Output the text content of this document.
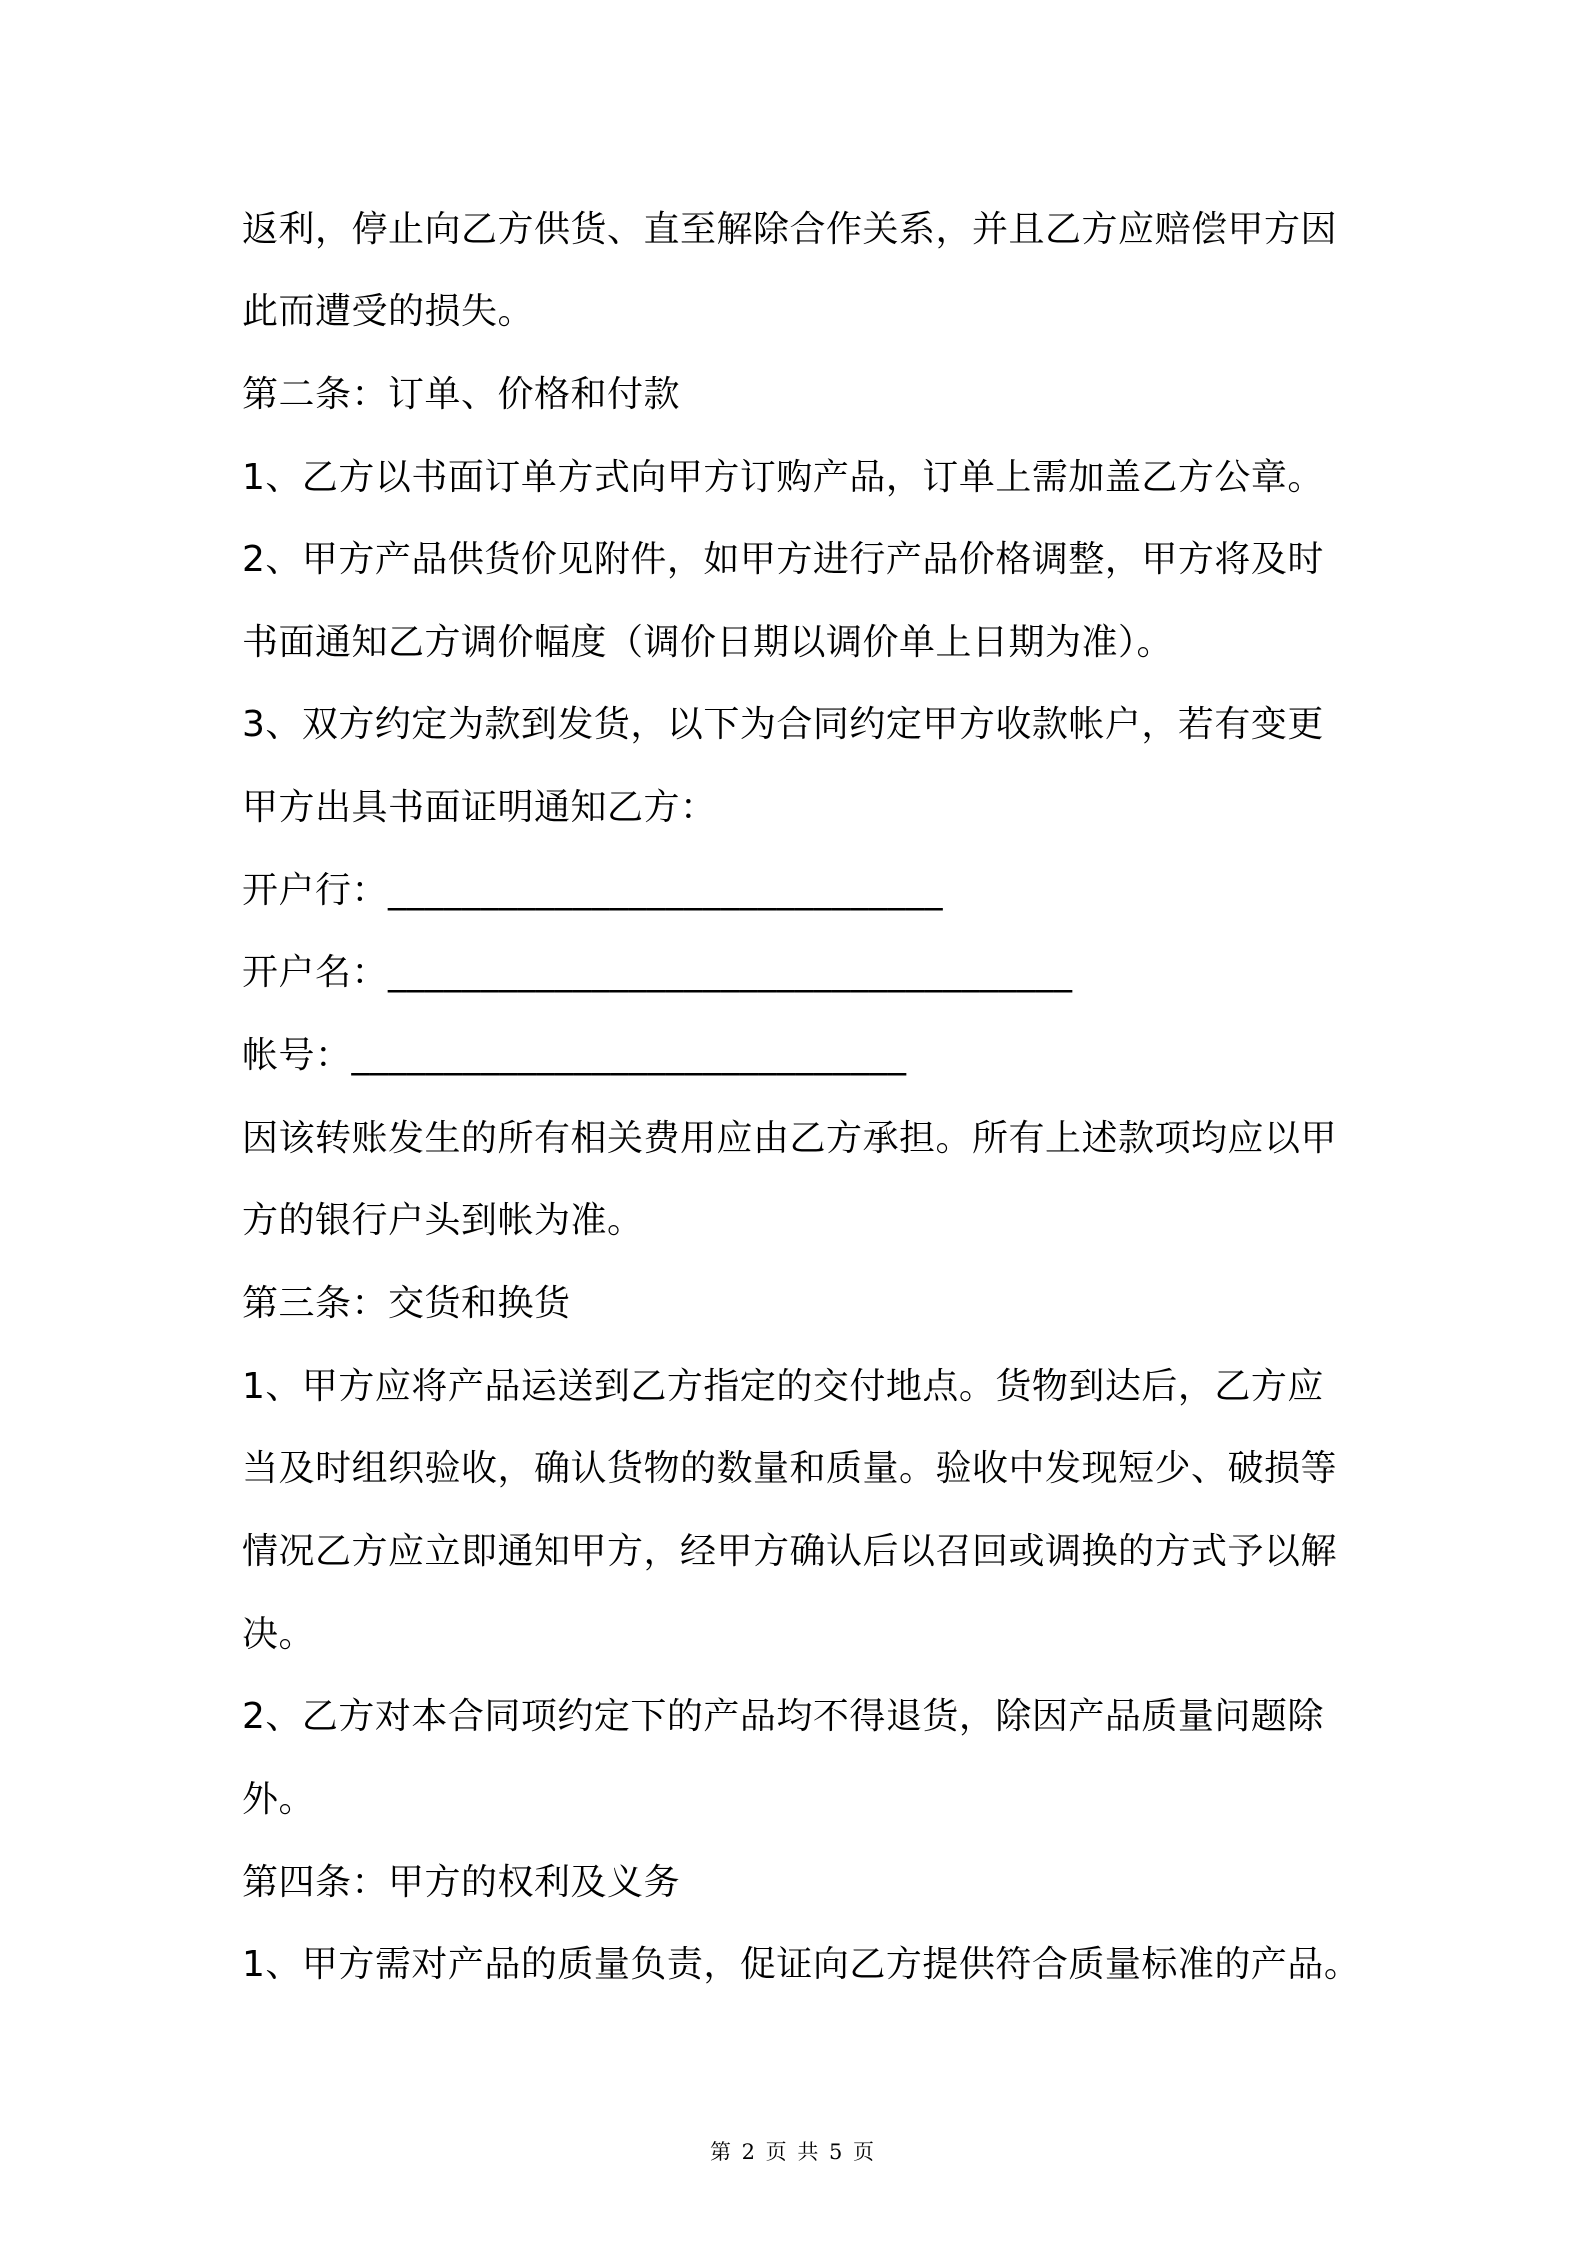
返利，停止向乙方供货、直至解除合作关系，并且乙方应赔偿甲方因
此而遭受的损失。
第二条：订单、价格和付款
1、乙方以书面订单方式向甲方订购产品，订单上需加盖乙方公章。
2、甲方产品供货价见附件，如甲方进行产品价格调整，甲方将及时
书面通知乙方调价幅度（调价日期以调价单上日期为准）。
3、双方约定为款到发货，以下为合同约定甲方收款帐户，若有变更
甲方出具书面证明通知乙方：
开户行：______________________________
开户名：_____________________________________
帐号：______________________________
因该转账发生的所有相关费用应由乙方承担。所有上述款项均应以甲
方的银行户头到帐为准。
第三条：交货和换货
1、甲方应将产品运送到乙方指定的交付地点。货物到达后，乙方应
当及时组织验收，确认货物的数量和质量。验收中发现短少、破损等
情况乙方应立即通知甲方，经甲方确认后以召回或调换的方式予以解
决。
2、乙方对本合同项约定下的产品均不得退货，除因产品质量问题除
外。
第四条：甲方的权利及义务
1、甲方需对产品的质量负责，促证向乙方提供符合质量标准的产品。
第 2 页 共 5 页
